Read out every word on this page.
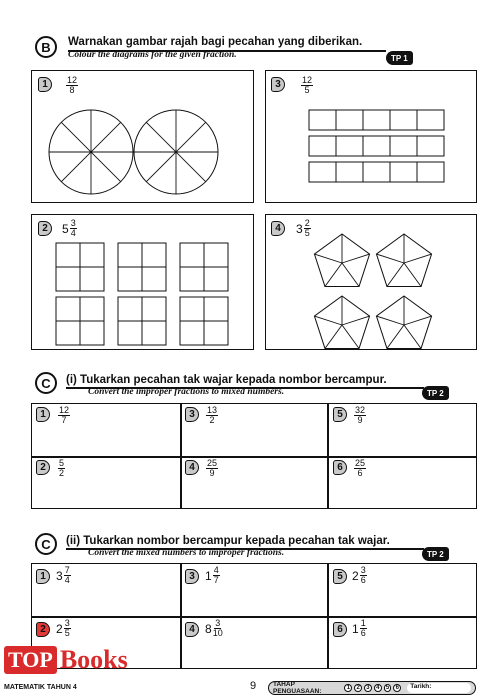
B Warnakan gambar rajah bagi pecahan yang diberikan.
Colour the diagrams for the given fraction.	TP 1
1	$\frac{12}{8}$	3	$\frac{12}{5}$
2	$5 \frac{3}{4}$	4	$3 \frac{2}{5}$
C (i) Tukarkan pecahan tak wajar kepada nombor bercampur.
Convert the improper fractions to mixed numbers.	TP 2
1	$\frac{12}{7}$	3	$\frac{13}{2}$	5	$\frac{32}{9}$
2	$\frac{5}{2}$	4	$\frac{25}{9}$	6	$\frac{25}{6}$
C (ii) Tukarkan nombor bercampur kepada pecahan tak wajar.
Convert the mixed numbers to improper fractions.	TP 2
1 $3 \frac{7}{4}$	3 $1 \frac{4}{7}$	5 $2 \frac{3}{6}$
2 $2 \frac{3}{5}$	4 $8 \frac{3}{10}$	6 $1 \frac{1}{6}$
TOP Books
MATEMATIK TAHUN 4	9	TAHAP PENGUASAAN:	1	2	3	4	5	6	Tarikh:
